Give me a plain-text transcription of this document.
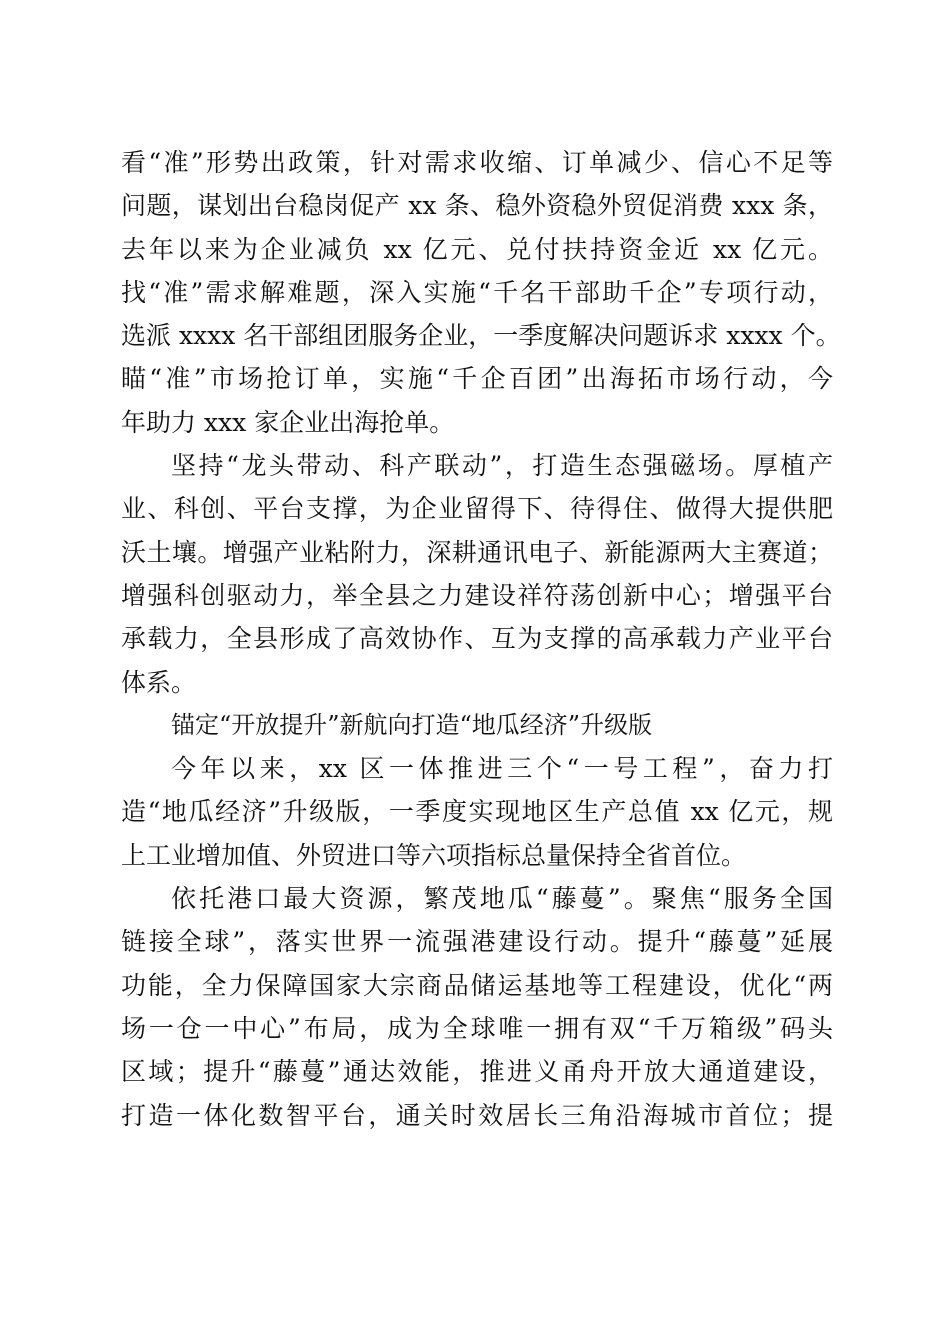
看“准”形势出政策，针对需求收缩、订单减少、信心不足等
问题，谋划出台稳岗促产 xx 条、稳外资稳外贸促消费 xxx 条，
去年以来为企业减负 xx 亿元、兑付扶持资金近 xx 亿元。
找“准”需求解难题，深入实施“千名干部助千企”专项行动，
选派 xxxx 名干部组团服务企业，一季度解决问题诉求 xxxx 个。
瞄“准”市场抢订单，实施“千企百团”出海拓市场行动，今
年助力 xxx 家企业出海抢单。
坚持“龙头带动、科产联动”，打造生态强磁场。厚植产
业、科创、平台支撑，为企业留得下、待得住、做得大提供肥
沃土壤。增强产业粘附力，深耕通讯电子、新能源两大主赛道；
增强科创驱动力，举全县之力建设祥符荡创新中心；增强平台
承载力，全县形成了高效协作、互为支撑的高承载力产业平台
体系。
锚定“开放提升”新航向打造“地瓜经济”升级版
今年以来，xx 区一体推进三个“一号工程”，奋力打
造“地瓜经济”升级版，一季度实现地区生产总值 xx 亿元，规
上工业增加值、外贸进口等六项指标总量保持全省首位。
依托港口最大资源，繁茂地瓜“藤蔓”。聚焦“服务全国
链接全球”，落实世界一流强港建设行动。提升“藤蔓”延展
功能，全力保障国家大宗商品储运基地等工程建设，优化“两
场一仓一中心”布局，成为全球唯一拥有双“千万箱级”码头
区域；提升“藤蔓”通达效能，推进义甬舟开放大通道建设，
打造一体化数智平台，通关时效居长三角沿海城市首位；提
